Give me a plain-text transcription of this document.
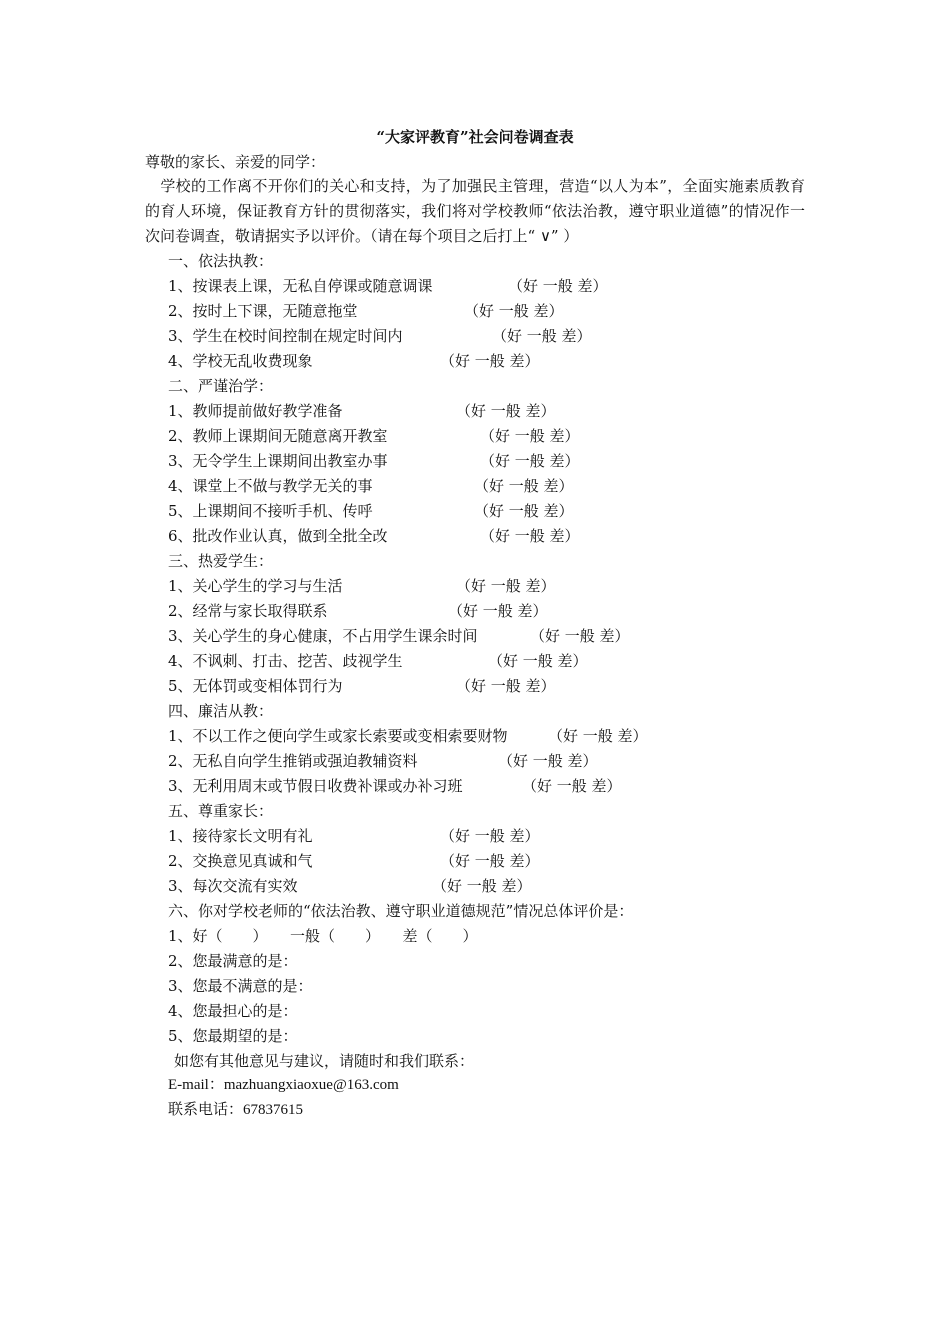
“大家评教育”社会问卷调查表
尊敬的家长、亲爱的同学：
学校的工作离不开你们的关心和支持，为了加强民主管理，营造“以人为本”，全面实施素质教育的育人环境，保证教育方针的贯彻落实，我们将对学校教师“依法治教，遵守职业道德”的情况作一次问卷调查，敬请据实予以评价。（请在每个项目之后打上“ ∨” ）
一、依法执教：
1、按课表上课，无私自停课或随意调课	（好 一般 差）
2、按时上下课，无随意拖堂	（好 一般 差）
3、学生在校时间控制在规定时间内	（好 一般 差）
4、学校无乱收费现象	（好 一般 差）
二、严谨治学：
1、教师提前做好教学准备	（好 一般 差）
2、教师上课期间无随意离开教室	（好 一般 差）
3、无令学生上课期间出教室办事	（好 一般 差）
4、课堂上不做与教学无关的事	（好 一般 差）
5、上课期间不接听手机、传呼	（好 一般 差）
6、批改作业认真，做到全批全改	（好 一般 差）
三、热爱学生：
1、关心学生的学习与生活	（好 一般 差）
2、经常与家长取得联系	（好 一般 差）
3、关心学生的身心健康，不占用学生课余时间	（好 一般 差）
4、不讽刺、打击、挖苦、歧视学生	（好 一般 差）
5、无体罚或变相体罚行为	（好 一般 差）
四、廉洁从教：
1、不以工作之便向学生或家长索要或变相索要财物	（好 一般 差）
2、无私自向学生推销或强迫教辅资料	（好 一般 差）
3、无利用周末或节假日收费补课或办补习班	（好 一般 差）
五、尊重家长：
1、接待家长文明有礼	（好 一般 差）
2、交换意见真诚和气	（好 一般 差）
3、每次交流有实效	（好 一般 差）
六、你对学校老师的“依法治教、遵守职业道德规范”情况总体评价是：
1、好（　　）　　一般（　　）　　差（　　）
2、您最满意的是：
3、您最不满意的是：
4、您最担心的是：
5、您最期望的是：
如您有其他意见与建议，请随时和我们联系：
E-mail：mazhuangxiaoxue@163.com
联系电话：67837615
